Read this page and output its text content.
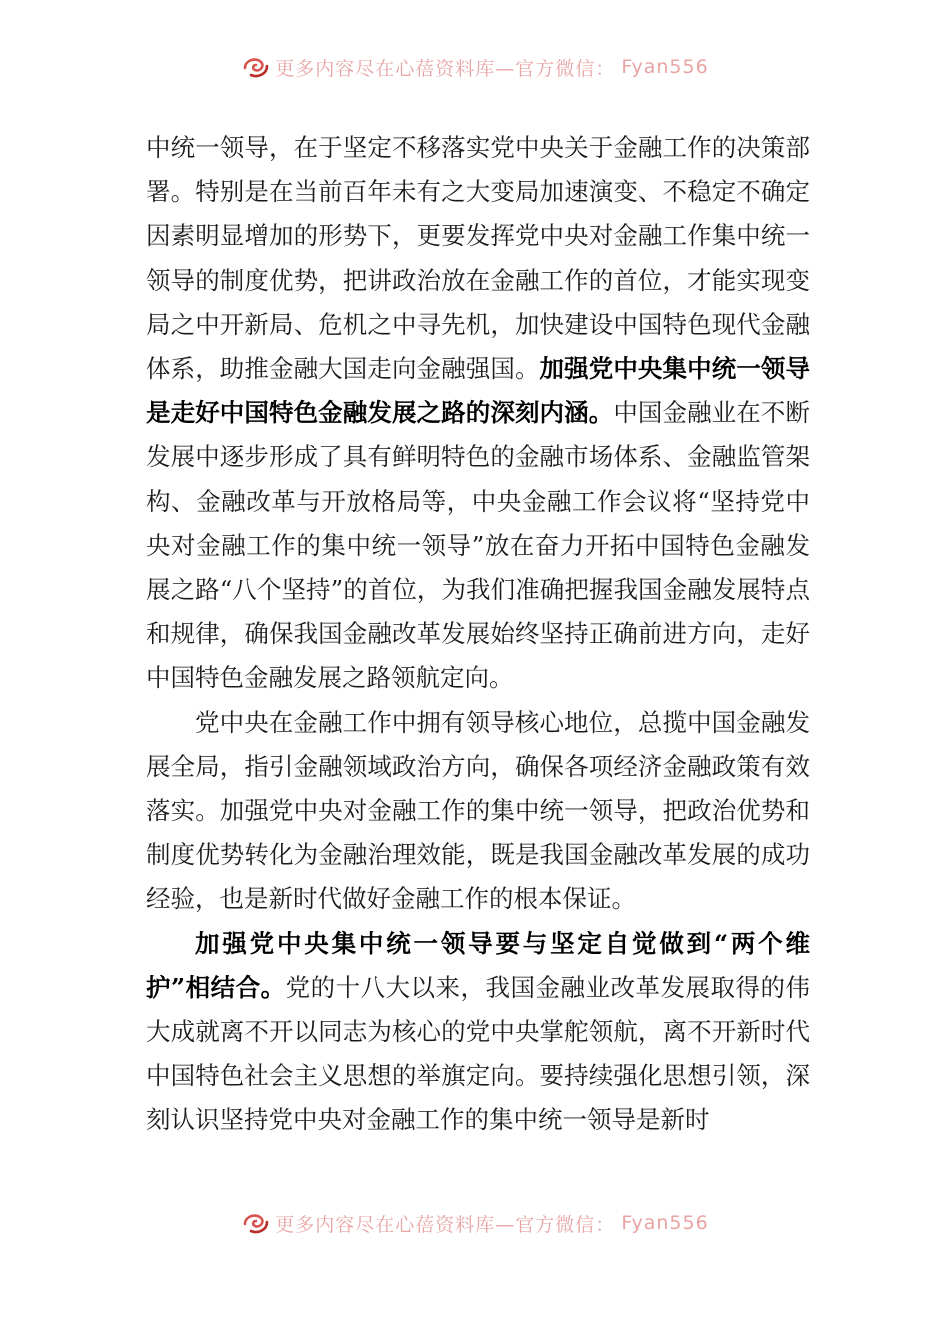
更多内容尽在心蓓资料库—官方微信： Fyan556

中统一领导，在于坚定不移落实党中央关于金融工作的决策部署。特别是在当前百年未有之大变局加速演变、不稳定不确定因素明显增加的形势下，更要发挥党中央对金融工作集中统一领导的制度优势，把讲政治放在金融工作的首位，才能实现变局之中开新局、危机之中寻先机，加快建设中国特色现代金融体系，助推金融大国走向金融强国。加强党中央集中统一领导是走好中国特色金融发展之路的深刻内涵。中国金融业在不断发展中逐步形成了具有鲜明特色的金融市场体系、金融监管架构、金融改革与开放格局等，中央金融工作会议将“坚持党中央对金融工作的集中统一领导”放在奋力开拓中国特色金融发展之路“八个坚持”的首位，为我们准确把握我国金融发展特点和规律，确保我国金融改革发展始终坚持正确前进方向，走好中国特色金融发展之路领航定向。

党中央在金融工作中拥有领导核心地位，总揽中国金融发展全局，指引金融领域政治方向，确保各项经济金融政策有效落实。加强党中央对金融工作的集中统一领导，把政治优势和制度优势转化为金融治理效能，既是我国金融改革发展的成功经验，也是新时代做好金融工作的根本保证。

加强党中央集中统一领导要与坚定自觉做到“两个维护”相结合。党的十八大以来，我国金融业改革发展取得的伟大成就离不开以同志为核心的党中央掌舵领航，离不开新时代中国特色社会主义思想的举旗定向。要持续强化思想引领，深刻认识坚持党中央对金融工作的集中统一领导是新时

更多内容尽在心蓓资料库—官方微信： Fyan556
